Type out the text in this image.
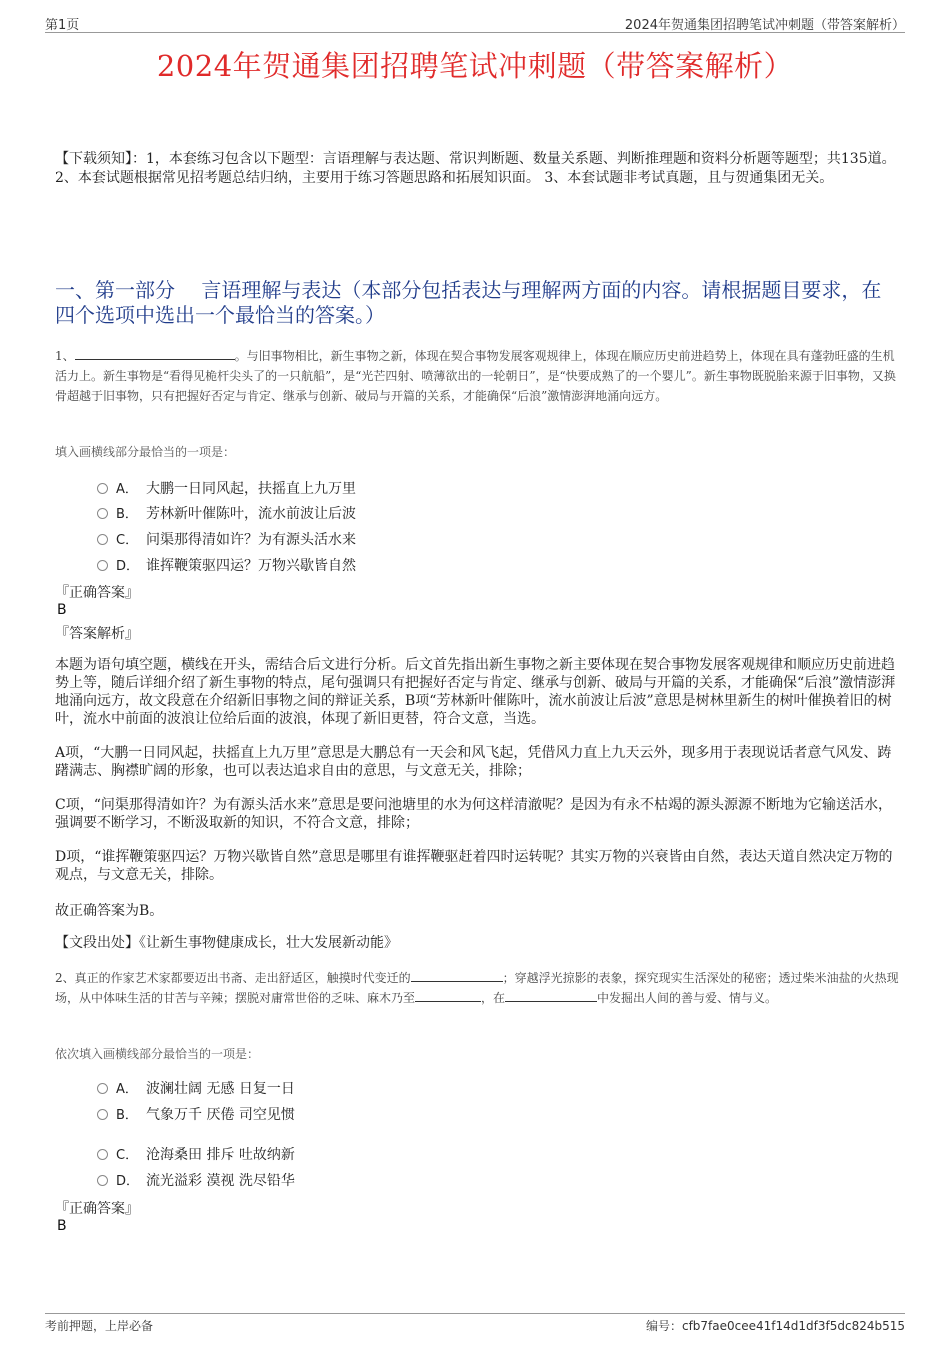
第1页	2024年贺通集团招聘笔试冲刺题（带答案解析）
2024年贺通集团招聘笔试冲刺题（带答案解析）
【下载须知】：1，本套练习包含以下题型：言语理解与表达题、常识判断题、数量关系题、判断推理题和资料分析题等题型；共135道。 2、本套试题根据常见招考题总结归纳，主要用于练习答题思路和拓展知识面。 3、本套试题非考试真题，且与贺通集团无关。
一、第一部分　 言语理解与表达（本部分包括表达与理解两方面的内容。请根据题目要求，在四个选项中选出一个最恰当的答案。）
1、	。与旧事物相比，新生事物之新，体现在契合事物发展客观规律上，体现在顺应历史前进趋势上，体现在具有蓬勃旺盛的生机活力上。新生事物是“看得见桅杆尖头了的一只航船”，是“光芒四射、喷薄欲出的一轮朝日”，是“快要成熟了的一个婴儿”。新生事物既脱胎来源于旧事物，又换骨超越于旧事物，只有把握好否定与肯定、继承与创新、破局与开篇的关系，才能确保“后浪”激情澎湃地涌向远方。
填入画横线部分最恰当的一项是：
A． 大鹏一日同风起，扶摇直上九万里
B． 芳林新叶催陈叶，流水前波让后波
C． 问渠那得清如许？为有源头活水来
D． 谁挥鞭策驱四运？万物兴歇皆自然
『正确答案』
B
『答案解析』
本题为语句填空题，横线在开头，需结合后文进行分析。后文首先指出新生事物之新主要体现在契合事物发展客观规律和顺应历史前进趋势上等，随后详细介绍了新生事物的特点，尾句强调只有把握好否定与肯定、继承与创新、破局与开篇的关系，才能确保“后浪”激情澎湃地涌向远方，故文段意在介绍新旧事物之间的辩证关系，B项“芳林新叶催陈叶，流水前波让后波”意思是树林里新生的树叶催换着旧的树叶，流水中前面的波浪让位给后面的波浪，体现了新旧更替，符合文意，当选。
A项，“大鹏一日同风起，扶摇直上九万里”意思是大鹏总有一天会和风飞起，凭借风力直上九天云外，现多用于表现说话者意气风发、踌躇满志、胸襟旷阔的形象，也可以表达追求自由的意思，与文意无关，排除；
C项，“问渠那得清如许？为有源头活水来”意思是要问池塘里的水为何这样清澈呢？是因为有永不枯竭的源头源源不断地为它输送活水，强调要不断学习，不断汲取新的知识，不符合文意，排除；
D项，“谁挥鞭策驱四运？万物兴歇皆自然”意思是哪里有谁挥鞭驱赶着四时运转呢？其实万物的兴衰皆由自然，表达天道自然决定万物的观点，与文意无关，排除。
故正确答案为B。
【文段出处】《让新生事物健康成长，壮大发展新动能》
2、真正的作家艺术家都要迈出书斋、走出舒适区，触摸时代变迁的	；穿越浮光掠影的表象，探究现实生活深处的秘密；透过柴米油盐的火热现场，从中体味生活的甘苦与辛辣；摆脱对庸常世俗的乏味、麻木乃至	，在	中发掘出人间的善与爱、情与义。
依次填入画横线部分最恰当的一项是：
A． 波澜壮阔 无感 日复一日
B． 气象万千 厌倦 司空见惯
C． 沧海桑田 排斥 吐故纳新
D． 流光溢彩 漠视 洗尽铅华
『正确答案』
B
考前押题，上岸必备	编号：cfb7fae0cee41f14d1df3f5dc824b515
